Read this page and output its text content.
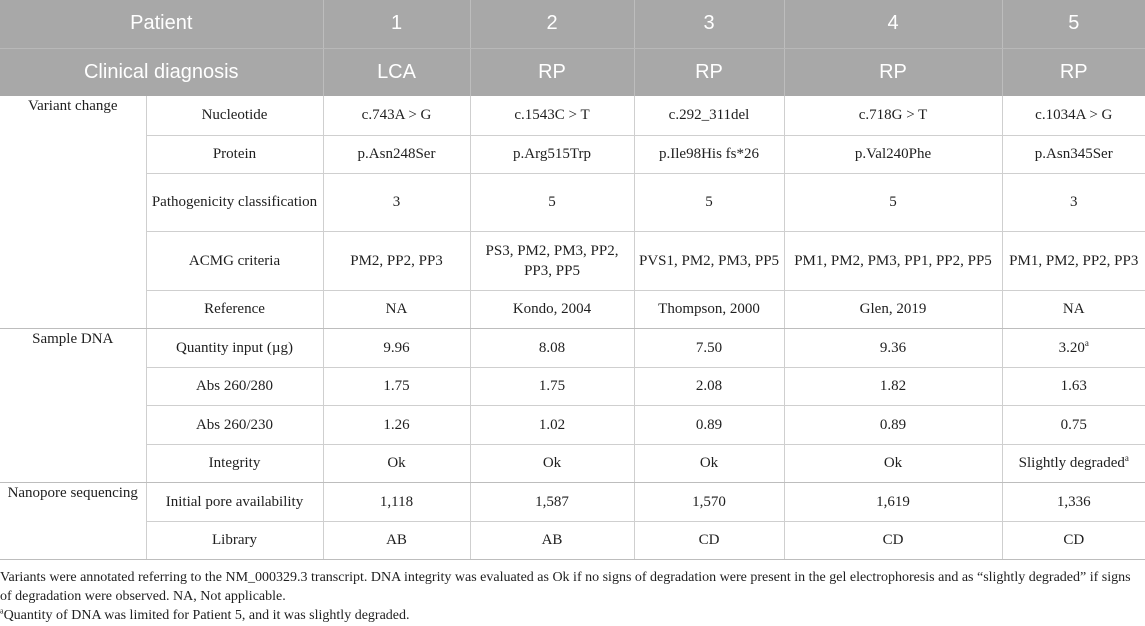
Patient		1	2	3	4	5
Clinical diagnosis		LCA	RP	RP	RP	RP
Variant change	Nucleotide	c.743A > G	c.1543C > T	c.292_311del	c.718G > T	c.1034A > G
	Protein	p.Asn248Ser	p.Arg515Trp	p.Ile98His fs*26	p.Val240Phe	p.Asn345Ser
	Pathogenicity classification	3	5	5	5	3
	ACMG criteria	PM2, PP2, PP3	PS3, PM2, PM3, PP2, PP3, PP5	PVS1, PM2, PM3, PP5	PM1, PM2, PM3, PP1, PP2, PP5	PM1, PM2, PP2, PP3
	Reference	NA	Kondo, 2004	Thompson, 2000	Glen, 2019	NA
Sample DNA	Quantity input (µg)	9.96	8.08	7.50	9.36	3.20$^a$
	Abs 260/280	1.75	1.75	2.08	1.82	1.63
	Abs 260/230	1.26	1.02	0.89	0.89	0.75
	Integrity	Ok	Ok	Ok	Ok	Slightly degraded$^a$
Nanopore sequencing	Initial pore availability	1,118	1,587	1,570	1,619	1,336
	Library	AB	AB	CD	CD	CD

Variants were annotated referring to the NM_000329.3 transcript. DNA integrity was evaluated as Ok if no signs of degradation were present in the gel electrophoresis and as “slightly degraded” if signs of degradation were observed. NA, Not applicable.

$^a$Quantity of DNA was limited for Patient 5, and it was slightly degraded.
